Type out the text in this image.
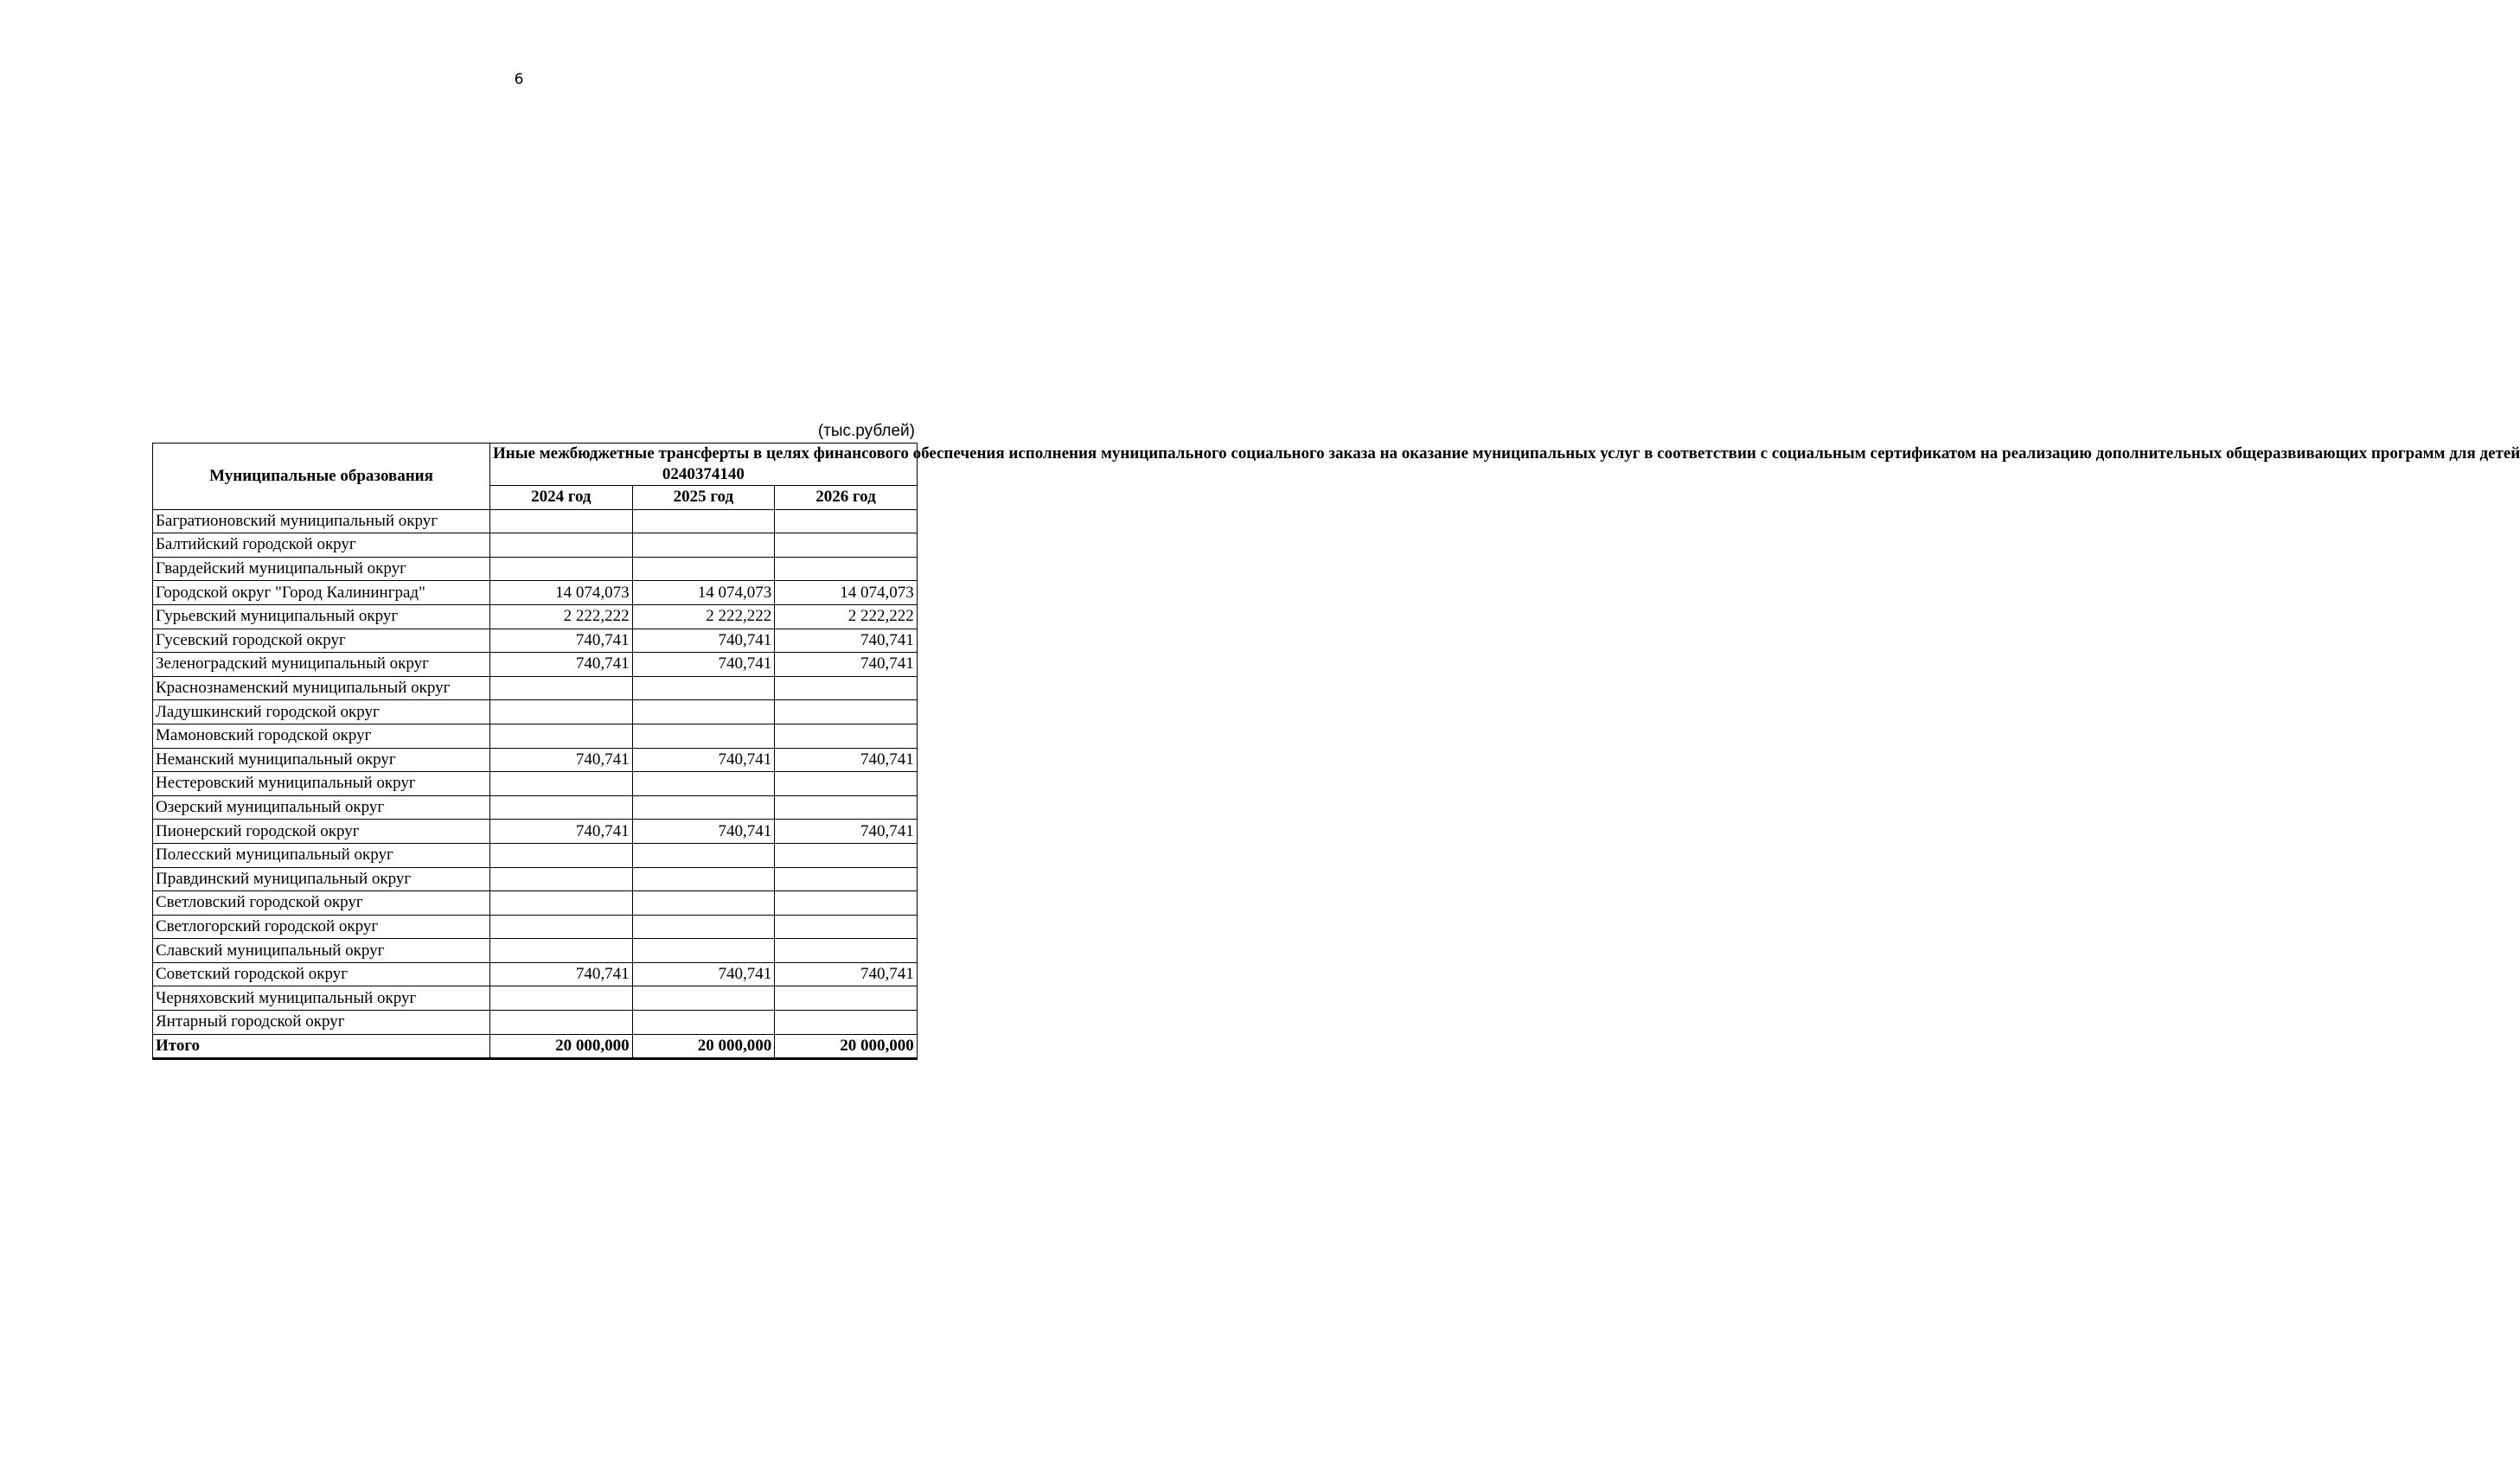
6
(тыс.рублей)
Муниципальные образования	Иные межбюджетные трансферты в целях финансового обеспечения исполнения муниципального социального заказа на оказание муниципальных услуг в соответствии с социальным сертификатом на реализацию дополнительных общеразвивающих программ для детей
0240374140		

	2024 год	2025 год	2026 год
Багратионовский муниципальный округ			
Балтийский городской округ			
Гвардейский муниципальный округ			
Городской округ "Город Калининград"	14 074,073	14 074,073	14 074,073
Гурьевский муниципальный округ	2 222,222	2 222,222	2 222,222
Гусевский городской округ	740,741	740,741	740,741
Зеленоградский муниципальный округ	740,741	740,741	740,741
Краснознаменский муниципальный округ			
Ладушкинский городской округ			
Мамоновский городской округ			
Неманский муниципальный округ	740,741	740,741	740,741
Нестеровский муниципальный округ			
Озерский муниципальный округ			
Пионерский городской округ	740,741	740,741	740,741
Полесский муниципальный округ			
Правдинский муниципальный округ			
Светловский городской округ			
Светлогорский городской округ			
Славский муниципальный округ			
Советский городской округ	740,741	740,741	740,741
Черняховский муниципальный округ			
Янтарный городской округ			
Итого	20 000,000	20 000,000	20 000,000
